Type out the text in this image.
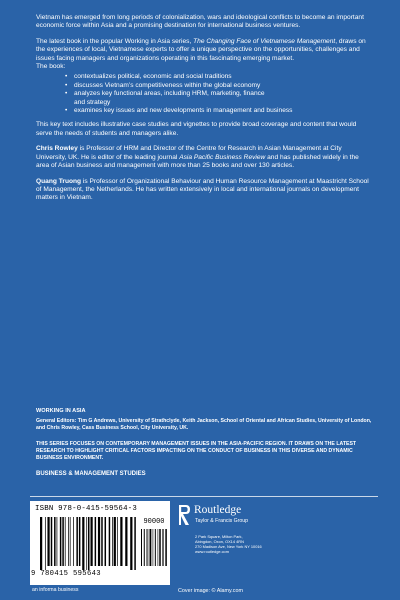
Vietnam has emerged from long periods of colonialization, wars and ideological conflicts to become an important economic force within Asia and a promising destination for international business ventures.

The latest book in the popular Working in Asia series, The Changing Face of Vietnamese Management, draws on the experiences of local, Vietnamese experts to offer a unique perspective on the opportunities, challenges and issues facing managers and organizations operating in this fascinating emerging market.
The book:

• contextualizes political, economic and social traditions
• discusses Vietnam’s competitiveness within the global economy
• analyzes key functional areas, including HRM, marketing, finance
and strategy
• examines key issues and new developments in management and business

This key text includes illustrative case studies and vignettes to provide broad coverage and content that would serve the needs of students and managers alike.

Chris Rowley is Professor of HRM and Director of the Centre for Research in Asian Management at City University, UK. He is editor of the leading journal Asia Pacific Business Review and has published widely in the area of Asian business and management with more than 25 books and over 130 articles.

Quang Truong is Professor of Organizational Behaviour and Human Resource Management at Maastricht School of Management, the Netherlands. He has written extensively in local and international journals on development matters in Vietnam.

WORKING IN ASIA
General Editors: Tim G Andrews, University of Strathclyde, Keith Jackson, School of Oriental and African Studies, University of London, and Chris Rowley, Cass Business School, City University, UK.
THIS SERIES FOCUSES ON CONTEMPORARY MANAGEMENT ISSUES IN THE ASIA-PACIFIC REGION. IT DRAWS ON THE LATEST RESEARCH TO HIGHLIGHT CRITICAL FACTORS IMPACTING ON THE CONDUCT OF BUSINESS IN THIS DIVERSE AND DYNAMIC BUSINESS ENVIRONMENT.
BUSINESS & MANAGEMENT STUDIES
ISBN 978-0-415-59564-3
90000
9 780415 595643
an informa business
Routledge
Taylor & Francis Group
2 Park Square, Milton Park,
Abingdon, Oxon, OX14 4RN
270 Madison Ave, New York NY 10016
www.routledge.com
Cover image: © Alamy.com
